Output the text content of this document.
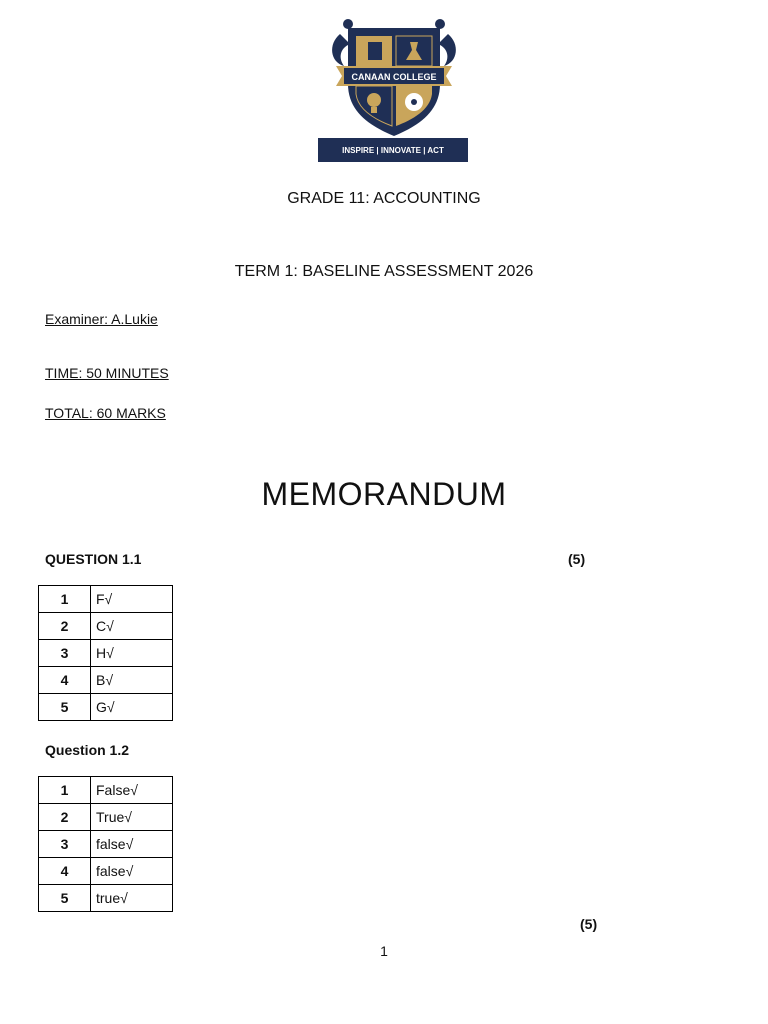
CANAAN COLLEGE
INSPIRE | INNOVATE | ACT
GRADE 11: ACCOUNTING
TERM 1: BASELINE ASSESSMENT 2026
Examiner: A.Lukie
TIME: 50 MINUTES
TOTAL: 60 MARKS
MEMORANDUM
QUESTION 1.1	(5)
1	F√
2	C√
3	H√
4	B√
5	G√
Question 1.2
1	False√
2	True√
3	false√
4	false√
5	true√
(5)
1
